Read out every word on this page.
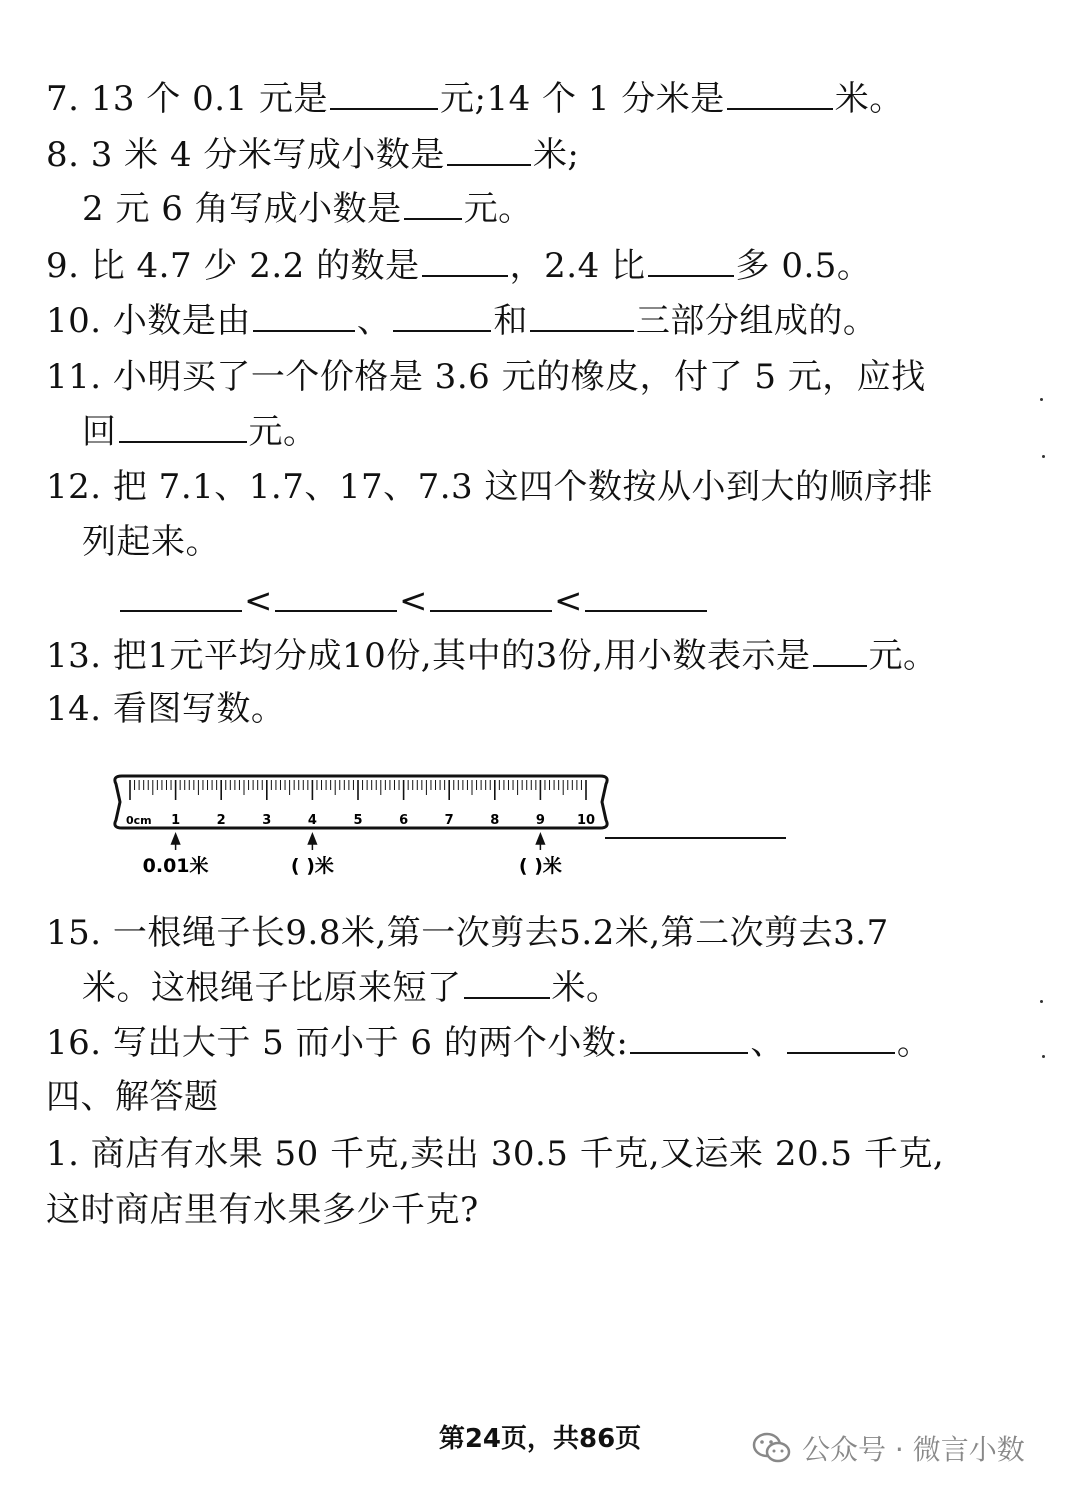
7. 13 个 0.1 元是	元;14 个 1 分米是	米。
8. 3 米 4 分米写成小数是	米;
2 元 6 角写成小数是 元。
9. 比 4.7 少 2.2 的数是	，2.4 比	多 0.5。
10. 小数是由	、	和	三部分组成的。
11. 小明买了一个价格是 3.6 元的橡皮，付了 5 元，应找
回	元。
12. 把 7.1、1.7、17、7.3 这四个数按从小到大的顺序排
列起来。
<	<	<
13. 把1元平均分成10份,其中的3份,用小数表示是 元。
14. 看图写数。
0cm 1	2	3	4	5	6	7	8	9 10
0.01米	( )米	( )米
15. 一根绳子长9.8米,第一次剪去5.2米,第二次剪去3.7
米。这根绳子比原来短了	米。
16. 写出大于 5 而小于 6 的两个小数:	、	。
四、解答题
1. 商店有水果 50 千克,卖出 30.5 千克,又运来 20.5 千克,
这时商店里有水果多少千克?
第24页，共86页	公众号 · 微言小数
